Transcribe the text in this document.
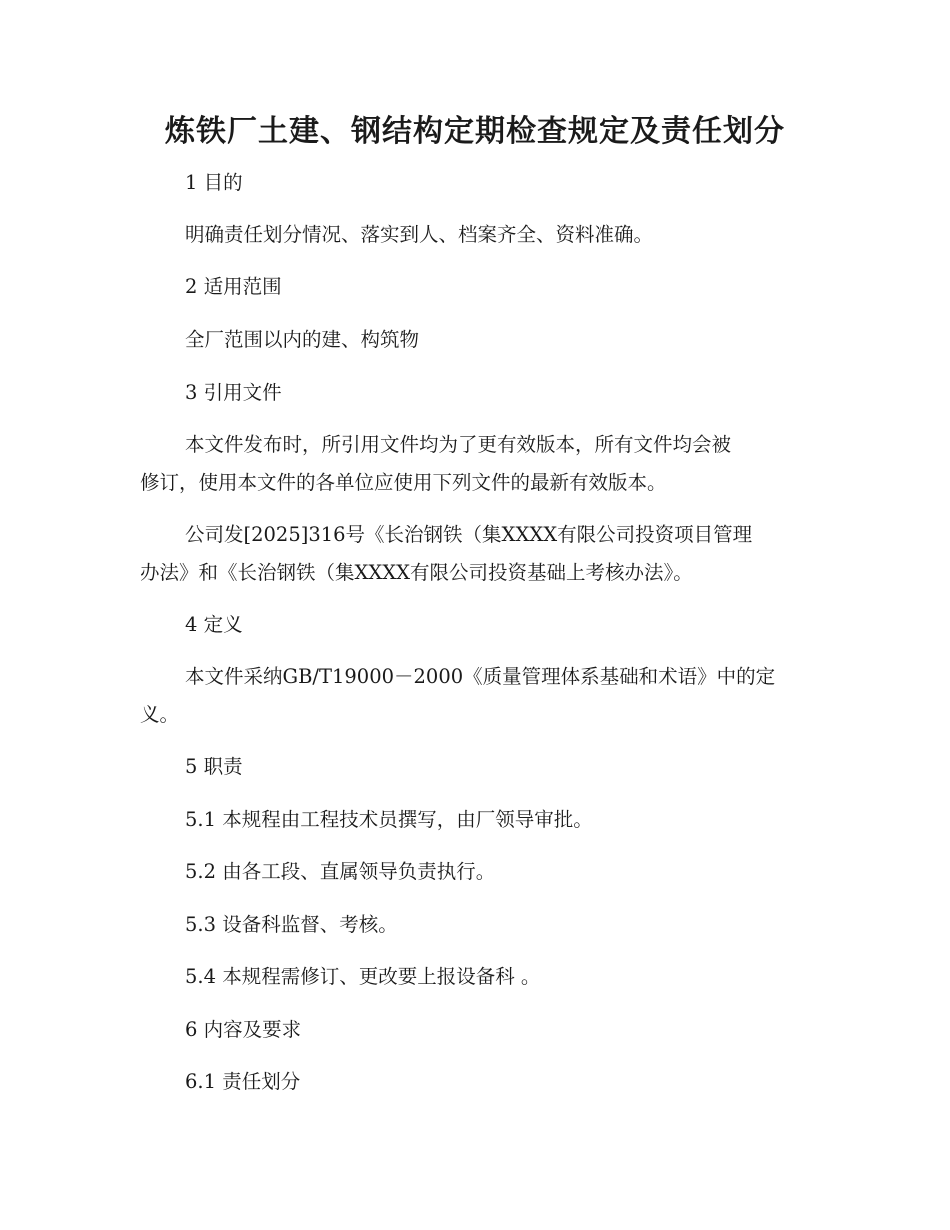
炼铁厂土建、钢结构定期检查规定及责任划分

1 目的

明确责任划分情况、落实到人、档案齐全、资料准确。

2 适用范围

全厂范围以内的建、构筑物

3 引用文件

本文件发布时，所引用文件均为了更有效版本，所有文件均会被

修订，使用本文件的各单位应使用下列文件的最新有效版本。

公司发[2025]316号《长治钢铁（集XXXX有限公司投资项目管理

办法》和《长治钢铁（集XXXX有限公司投资基础上考核办法》。

4 定义

本文件采纳GB/T19000－2000《质量管理体系基础和术语》中的定

义。

5 职责

5.1 本规程由工程技术员撰写，由厂领导审批。

5.2 由各工段、直属领导负责执行。

5.3 设备科监督、考核。

5.4 本规程需修订、更改要上报设备科 。

6 内容及要求

6.1 责任划分
